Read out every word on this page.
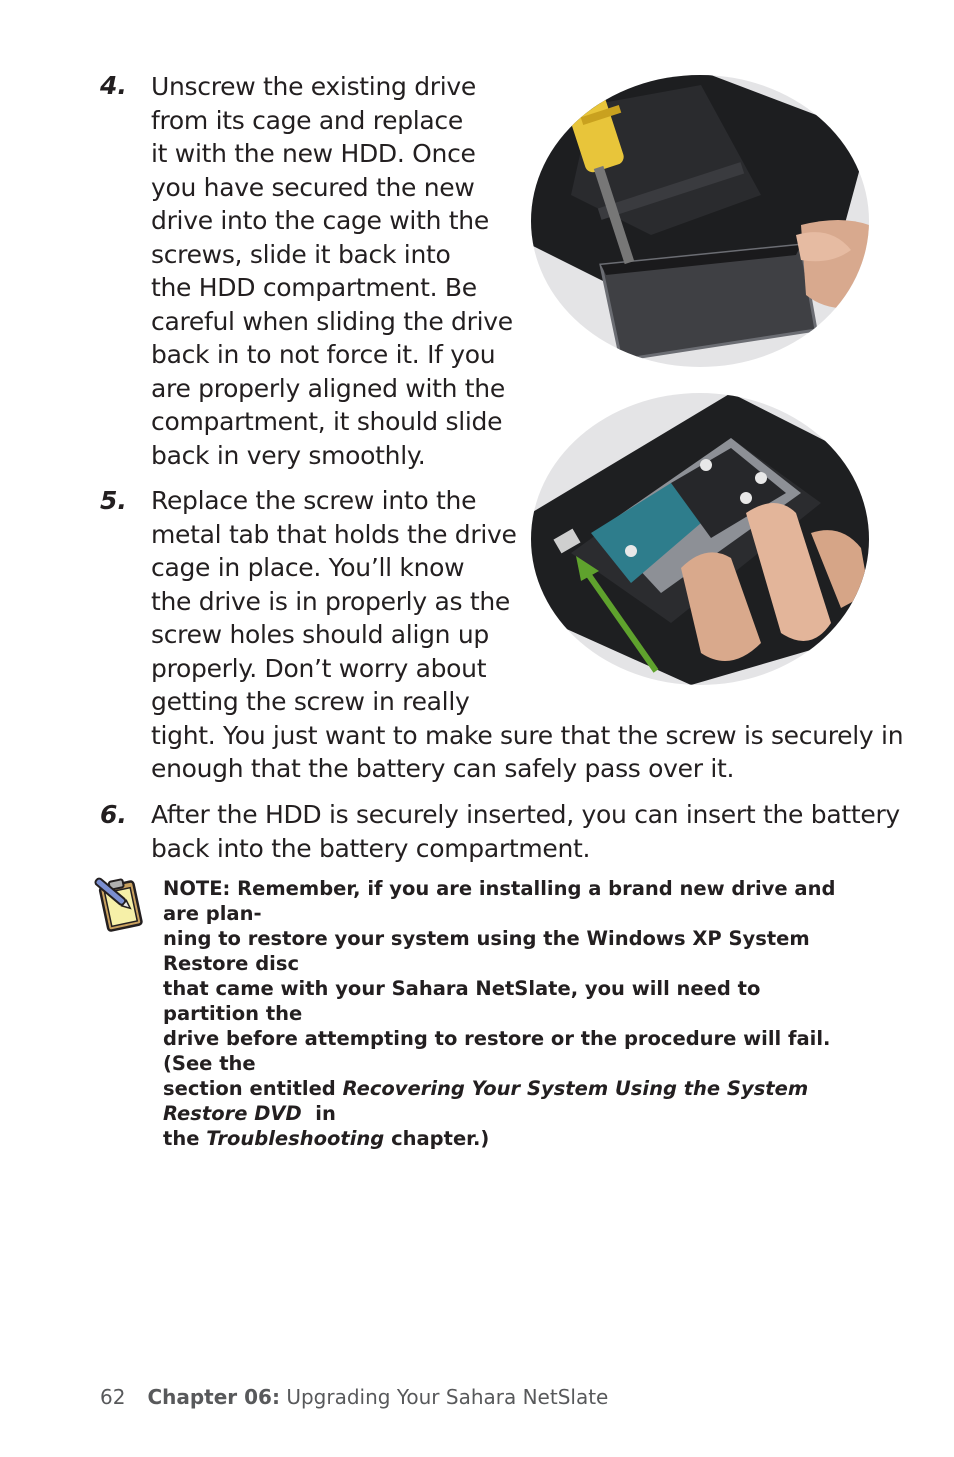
4. Unscrew the existing drive
from its cage and replace
it with the new HDD. Once
you have secured the new
drive into the cage with the
screws, slide it back into
the HDD compartment. Be
careful when sliding the drive
back in to not force it. If you
are properly aligned with the
compartment, it should slide
back in very smoothly.
5. Replace the screw into the
metal tab that holds the drive
cage in place. You’ll know
the drive is in properly as the
screw holes should align up
properly. Don’t worry about
getting the screw in really
tight. You just want to make sure that the screw is securely in
enough that the battery can safely pass over it.
6. After the HDD is securely inserted, you can insert the battery
back into the battery compartment.
NOTE: Remember, if you are installing a brand new drive and are plan-
ning to restore your system using the Windows XP System Restore disc
that came with your Sahara NetSlate, you will need to partition the
drive before attempting to restore or the procedure will fail. (See the
section entitled Recovering Your System Using the System Restore DVD  in
the Troubleshooting chapter.)
62 Chapter 06: Upgrading Your Sahara NetSlate
